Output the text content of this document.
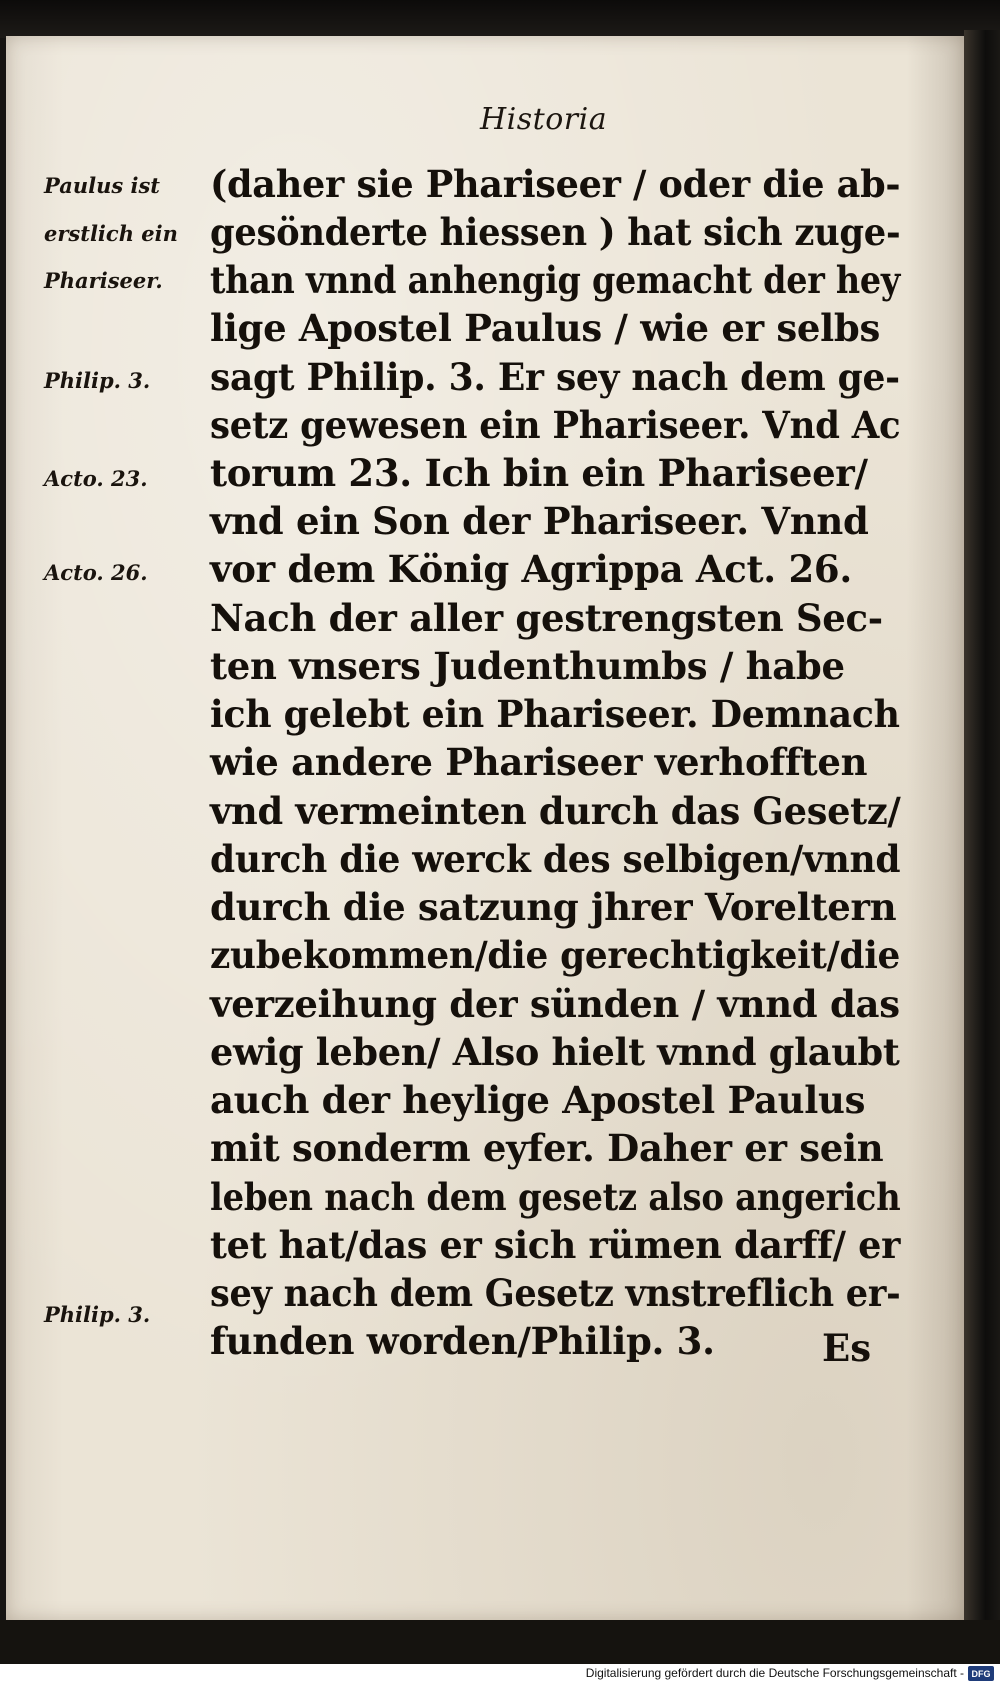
Historia
Paulus ist
erstlich ein
Phariseer.
Philip. 3.
Acto. 23.
Acto. 26.
Philip. 3.
(daher sie Phariseer / oder die ab-
gesönderte hiessen ) hat sich zuge-
than vnnd anhengig gemacht der hey
lige Apostel Paulus / wie er selbs
sagt Philip. 3. Er sey nach dem ge-
setz gewesen ein Phariseer. Vnd Ac
torum 23. Ich bin ein Phariseer/
vnd ein Son der Phariseer. Vnnd
vor dem König Agrippa Act. 26.
Nach der aller gestrengsten Sec-
ten vnsers Judenthumbs / habe
ich gelebt ein Phariseer. Demnach
wie andere Phariseer verhofften
vnd vermeinten durch das Gesetz/
durch die werck des selbigen/vnnd
durch die satzung jhrer Voreltern
zubekommen/die gerechtigkeit/die
verzeihung der sünden / vnnd das
ewig leben/ Also hielt vnnd glaubt
auch der heylige Apostel Paulus
mit sonderm eyfer. Daher er sein
leben nach dem gesetz also angerich
tet hat/das er sich rümen darff/ er
sey nach dem Gesetz vnstreflich er-
funden worden/Philip. 3.	Es
Digitalisierung gefördert durch die Deutsche Forschungsgemeinschaft - DFG
